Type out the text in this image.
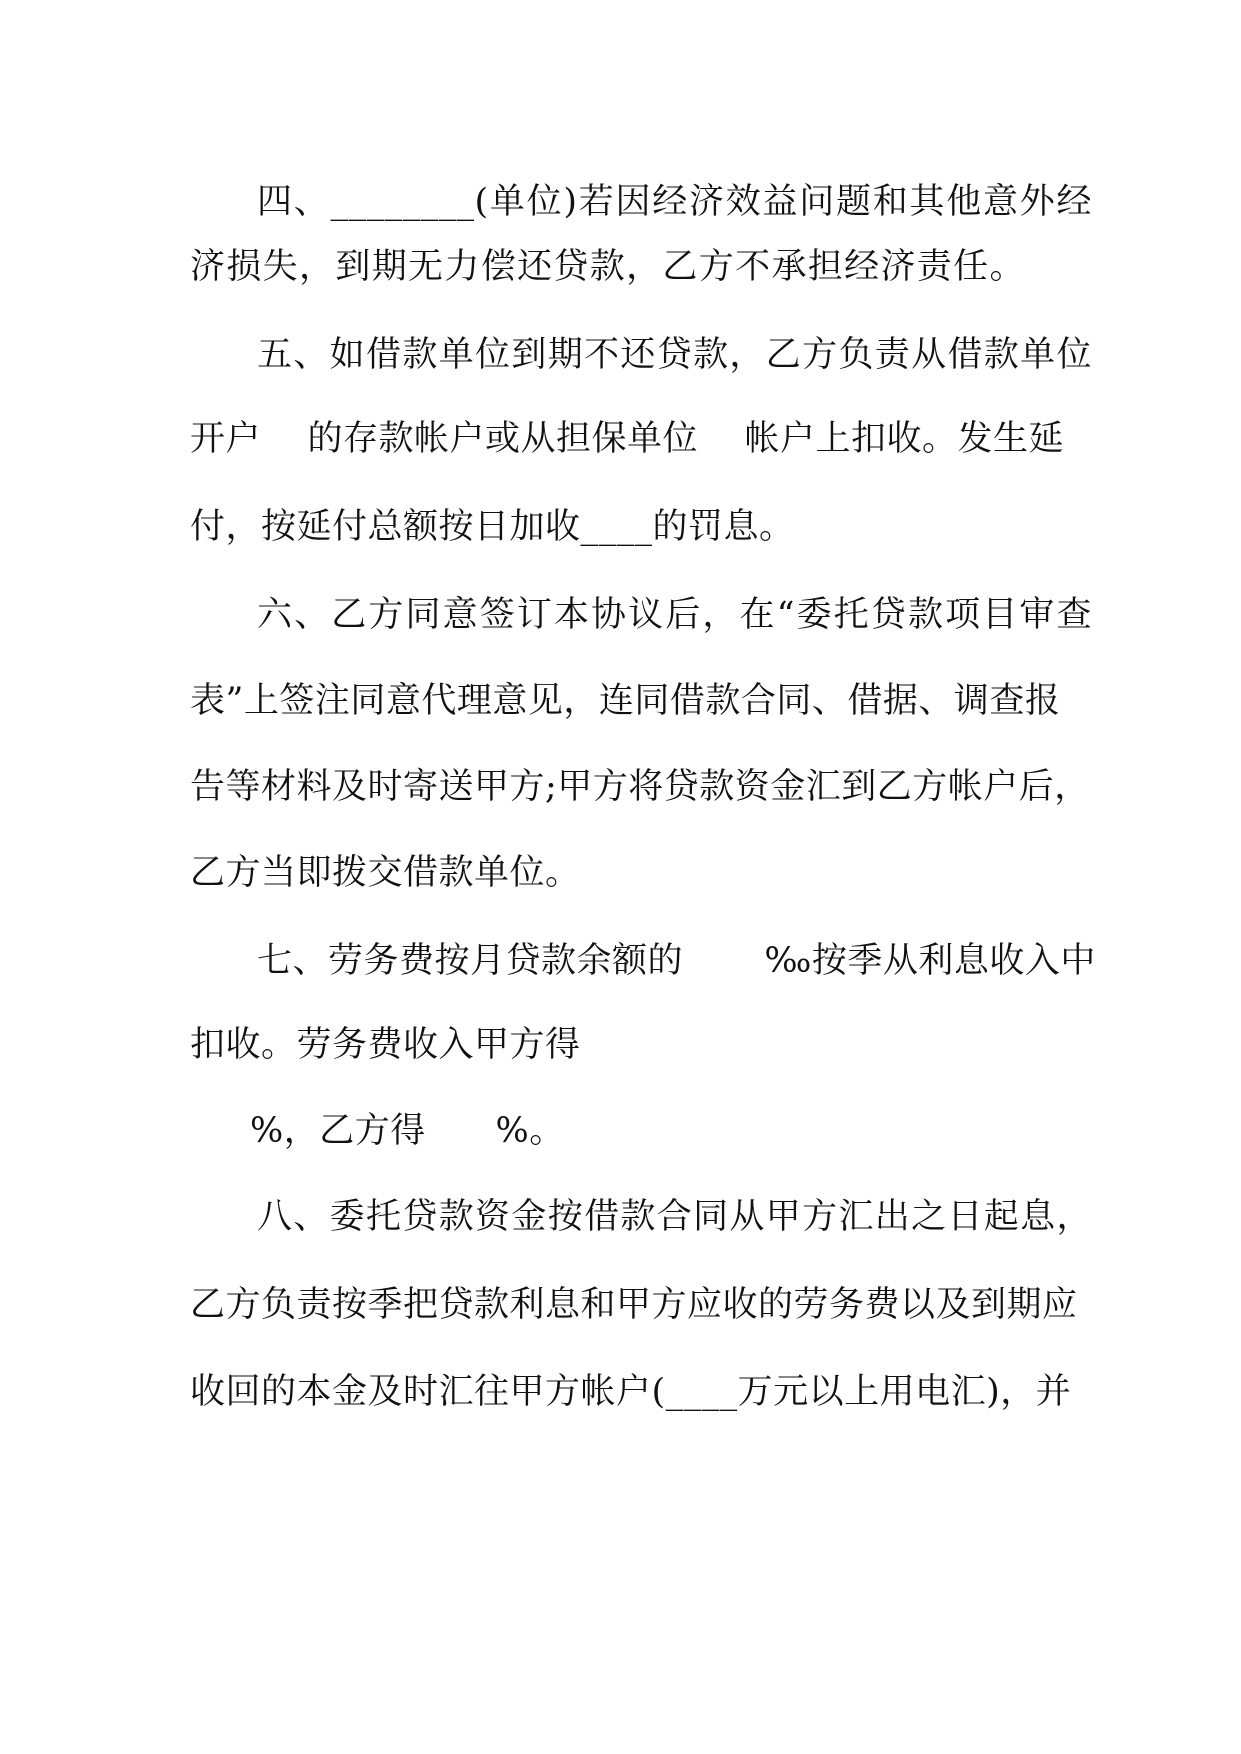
四、________(单位)若因经济效益问题和其他意外经
济损失，到期无力偿还贷款，乙方不承担经济责任。
五、如借款单位到期不还贷款，乙方负责从借款单位
开户    的存款帐户或从担保单位    帐户上扣收。发生延
付，按延付总额按日加收____的罚息。
六、乙方同意签订本协议后，在“委托贷款项目审查
表”上签注同意代理意见，连同借款合同、借据、调查报
告等材料及时寄送甲方;甲方将贷款资金汇到乙方帐户后，
乙方当即拨交借款单位。
七、劳务费按月贷款余额的       ‰按季从利息收入中
扣收。劳务费收入甲方得
%，乙方得      %。
八、委托贷款资金按借款合同从甲方汇出之日起息，
乙方负责按季把贷款利息和甲方应收的劳务费以及到期应
收回的本金及时汇往甲方帐户(____万元以上用电汇)，并
